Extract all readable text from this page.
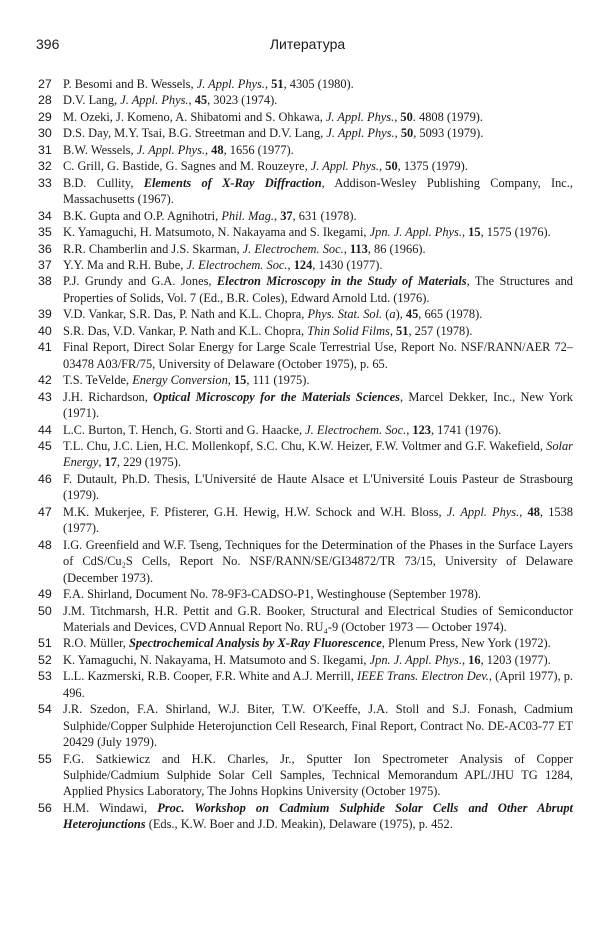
396	Литература
27 P. Besomi and B. Wessels, J. Appl. Phys., 51, 4305 (1980).
28 D.V. Lang, J. Appl. Phys., 45, 3023 (1974).
29 M. Ozeki, J. Komeno, A. Shibatomi and S. Ohkawa, J. Appl. Phys., 50. 4808 (1979).
30 D.S. Day, M.Y. Tsai, B.G. Streetman and D.V. Lang, J. Appl. Phys., 50, 5093 (1979).
31 B.W. Wessels, J. Appl. Phys., 48, 1656 (1977).
32 C. Grill, G. Bastide, G. Sagnes and M. Rouzeyre, J. Appl. Phys., 50, 1375 (1979).
33 B.D. Cullity, Elements of X-Ray Diffraction, Addison-Wesley Publishing Company, Inc., Massachusetts (1967).
34 B.K. Gupta and O.P. Agnihotri, Phil. Mag., 37, 631 (1978).
35 K. Yamaguchi, H. Matsumoto, N. Nakayama and S. Ikegami, Jpn. J. Appl. Phys., 15, 1575 (1976).
36 R.R. Chamberlin and J.S. Skarman, J. Electrochem. Soc., 113, 86 (1966).
37 Y.Y. Ma and R.H. Bube, J. Electrochem. Soc., 124, 1430 (1977).
38 P.J. Grundy and G.A. Jones, Electron Microscopy in the Study of Materials, The Structures and Properties of Solids, Vol. 7 (Ed., B.R. Coles), Edward Arnold Ltd. (1976).
39 V.D. Vankar, S.R. Das, P. Nath and K.L. Chopra, Phys. Stat. Sol. (a), 45, 665 (1978).
40 S.R. Das, V.D. Vankar, P. Nath and K.L. Chopra, Thin Solid Films, 51, 257 (1978).
41 Final Report, Direct Solar Energy for Large Scale Terrestrial Use, Report No. NSF/RANN/AER 72–03478 A03/FR/75, University of Delaware (October 1975), p. 65.
42 T.S. TeVelde, Energy Conversion, 15, 111 (1975).
43 J.H. Richardson, Optical Microscopy for the Materials Sciences, Marcel Dekker, Inc., New York (1971).
44 L.C. Burton, T. Hench, G. Storti and G. Haacke, J. Electrochem. Soc., 123, 1741 (1976).
45 T.L. Chu, J.C. Lien, H.C. Mollenkopf, S.C. Chu, K.W. Heizer, F.W. Voltmer and G.F. Wakefield, Solar Energy, 17, 229 (1975).
46 F. Dutault, Ph.D. Thesis, L'Université de Haute Alsace et L'Université Louis Pasteur de Strasbourg (1979).
47 M.K. Mukerjee, F. Pfisterer, G.H. Hewig, H.W. Schock and W.H. Bloss, J. Appl. Phys., 48, 1538 (1977).
48 I.G. Greenfield and W.F. Tseng, Techniques for the Determination of the Phases in the Surface Layers of CdS/Cu₂S Cells, Report No. NSF/RANN/SE/GI34872/TR 73/15, University of Delaware (December 1973).
49 F.A. Shirland, Document No. 78-9F3-CADSO-P1, Westinghouse (September 1978).
50 J.M. Titchmarsh, H.R. Pettit and G.R. Booker, Structural and Electrical Studies of Semiconductor Materials and Devices, CVD Annual Report No. RU₄-9 (October 1973 — October 1974).
51 R.O. Müller, Spectrochemical Analysis by X-Ray Fluorescence, Plenum Press, New York (1972).
52 K. Yamaguchi, N. Nakayama, H. Matsumoto and S. Ikegami, Jpn. J. Appl. Phys., 16, 1203 (1977).
53 L.L. Kazmerski, R.B. Cooper, F.R. White and A.J. Merrill, IEEE Trans. Electron Dev., (April 1977), p. 496.
54 J.R. Szedon, F.A. Shirland, W.J. Biter, T.W. O'Keeffe, J.A. Stoll and S.J. Fonash, Cadmium Sulphide/Copper Sulphide Heterojunction Cell Research, Final Report, Contract No. DE-AC03-77 ET 20429 (July 1979).
55 F.G. Satkiewicz and H.K. Charles, Jr., Sputter Ion Spectrometer Analysis of Copper Sulphide/Cadmium Sulphide Solar Cell Samples, Technical Memorandum APL/JHU TG 1284, Applied Physics Laboratory, The Johns Hopkins University (October 1975).
56 H.M. Windawi, Proc. Workshop on Cadmium Sulphide Solar Cells and Other Abrupt Heterojunctions (Eds., K.W. Boer and J.D. Meakin), Delaware (1975), p. 452.
